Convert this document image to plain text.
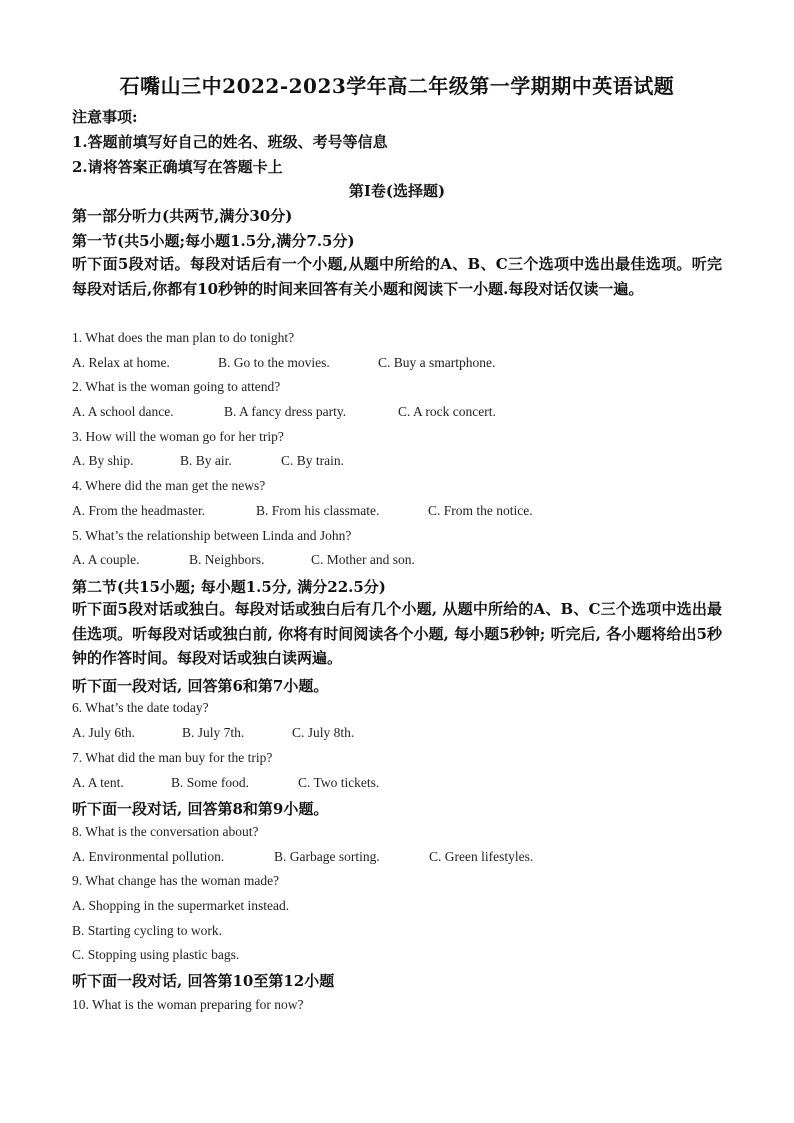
石嘴山三中2022-2023学年高二年级第一学期期中英语试题
注意事项:
1.答题前填写好自己的姓名、班级、考号等信息
2.请将答案正确填写在答题卡上
第Ⅰ卷(选择题)
第一部分听力(共两节,满分30分)
第一节(共5小题;每小题1.5分,满分7.5分)
听下面5段对话。每段对话后有一个小题,从题中所给的A、B、C三个选项中选出最佳选项。听完每段对话后,你都有10秒钟的时间来回答有关小题和阅读下一小题.每段对话仅读一遍。
1. What does the man plan to do tonight?
A. Relax at home.	B. Go to the movies.	C. Buy a smartphone.
2. What is the woman going to attend?
A. A school dance.	B. A fancy dress party.	C. A rock concert.
3. How will the woman go for her trip?
A. By ship.	B. By air.	C. By train.
4. Where did the man get the news?
A. From the headmaster.	B. From his classmate.	C. From the notice.
5. What’s the relationship between Linda and John?
A. A couple.	B. Neighbors.	C. Mother and son.
第二节(共15小题; 每小题1.5分, 满分22.5分)
听下面5段对话或独白。每段对话或独白后有几个小题, 从题中所给的A、B、C三个选项中选出最佳选项。听每段对话或独白前, 你将有时间阅读各个小题, 每小题5秒钟; 听完后, 各小题将给出5秒钟的作答时间。每段对话或独白读两遍。
听下面一段对话, 回答第6和第7小题。
6. What’s the date today?
A. July 6th.	B. July 7th.	C. July 8th.
7. What did the man buy for the trip?
A. A tent.	B. Some food.	C. Two tickets.
听下面一段对话, 回答第8和第9小题。
8. What is the conversation about?
A. Environmental pollution.	B. Garbage sorting.	C. Green lifestyles.
9. What change has the woman made?
A. Shopping in the supermarket instead.
B. Starting cycling to work.
C. Stopping using plastic bags.
听下面一段对话, 回答第10至第12小题
10. What is the woman preparing for now?
